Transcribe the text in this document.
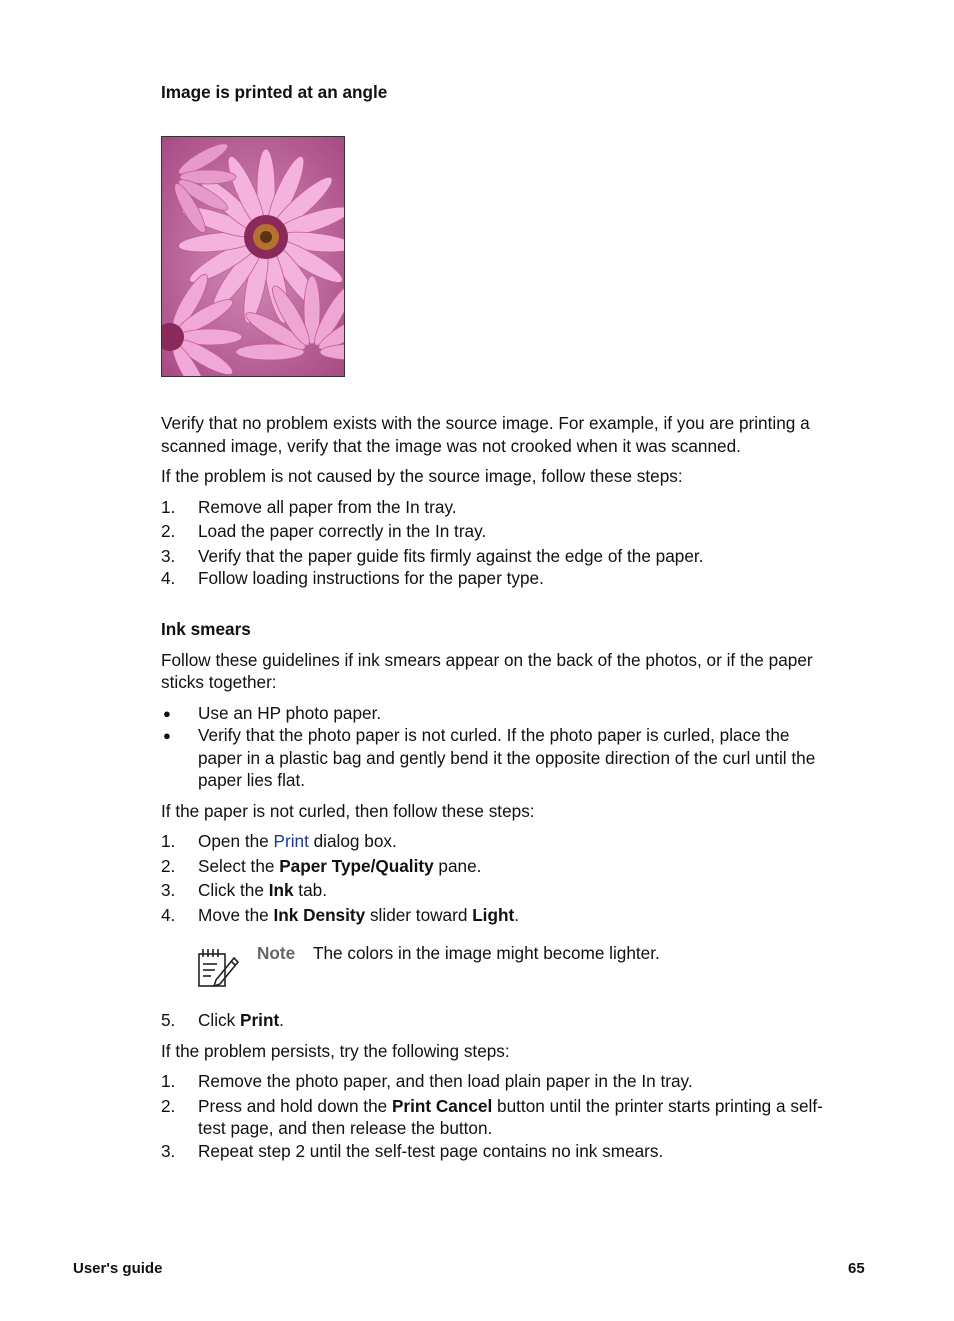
Image is printed at an angle
Verify that no problem exists with the source image. For example, if you are printing a
scanned image, verify that the image was not crooked when it was scanned.
If the problem is not caused by the source image, follow these steps:
1.	Remove all paper from the In tray.
2.	Load the paper correctly in the In tray.
3.	Verify that the paper guide fits firmly against the edge of the paper.
4.	Follow loading instructions for the paper type.
Ink smears
Follow these guidelines if ink smears appear on the back of the photos, or if the paper
sticks together:
● Use an HP photo paper.
● Verify that the photo paper is not curled. If the photo paper is curled, place the
paper in a plastic bag and gently bend it the opposite direction of the curl until the
paper lies flat.
If the paper is not curled, then follow these steps:
1.	Open the Print dialog box.
2.	Select the Paper Type/Quality pane.
3.	Click the Ink tab.
4.	Move the Ink Density slider toward Light.
Note The colors in the image might become lighter.
5.	Click Print.
If the problem persists, try the following steps:
1.	Remove the photo paper, and then load plain paper in the In tray.
2.	Press and hold down the Print Cancel button until the printer starts printing a self-
test page, and then release the button.
3.	Repeat step 2 until the self-test page contains no ink smears.
User's guide	65
